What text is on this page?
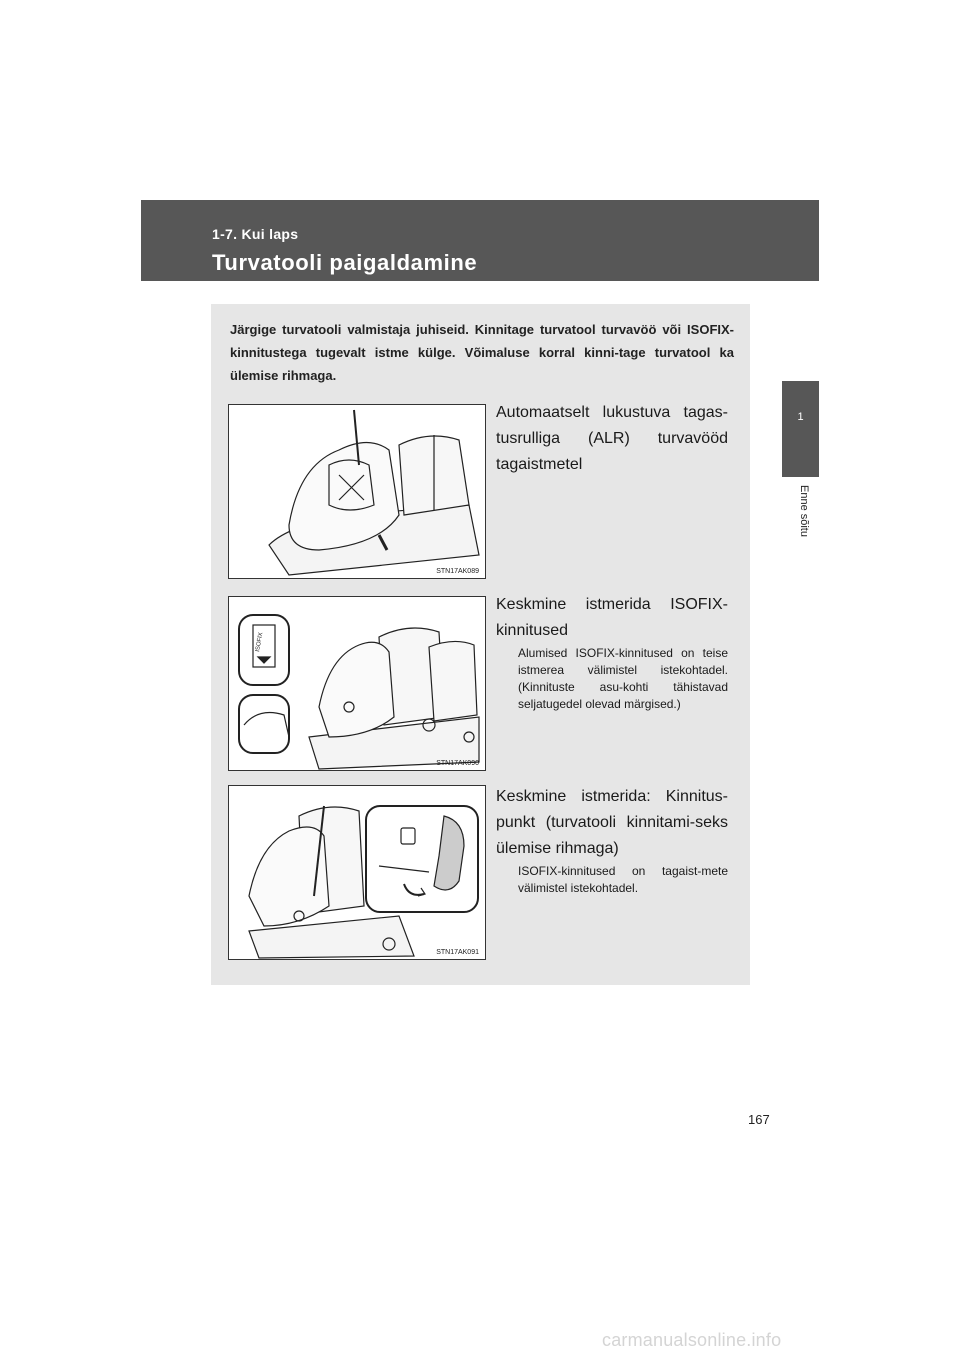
1-7. Kui laps
Turvatooli paigaldamine
1
Enne sõitu
Järgige turvatooli valmistaja juhiseid. Kinnitage turvatool turvavöö või ISOFIX-kinnitustega tugevalt istme külge. Võimaluse korral kinni-tage turvatool ka ülemise rihmaga.
STN17AK089
Automaatselt lukustuva tagas-tusrulliga (ALR) turvavööd tagaistmetel
ISOFIX
STN17AK090
Keskmine istmerida ISOFIX-kinnitused
Alumised ISOFIX-kinnitused on teise istmerea välimistel istekohtadel. (Kinnituste asu-kohti tähistavad seljatugedel olevad märgised.)
STN17AK091
Keskmine istmerida: Kinnitus-punkt (turvatooli kinnitami-seks ülemise rihmaga)
ISOFIX-kinnitused on tagaist-mete välimistel istekohtadel.
167
carmanualsonline.info
